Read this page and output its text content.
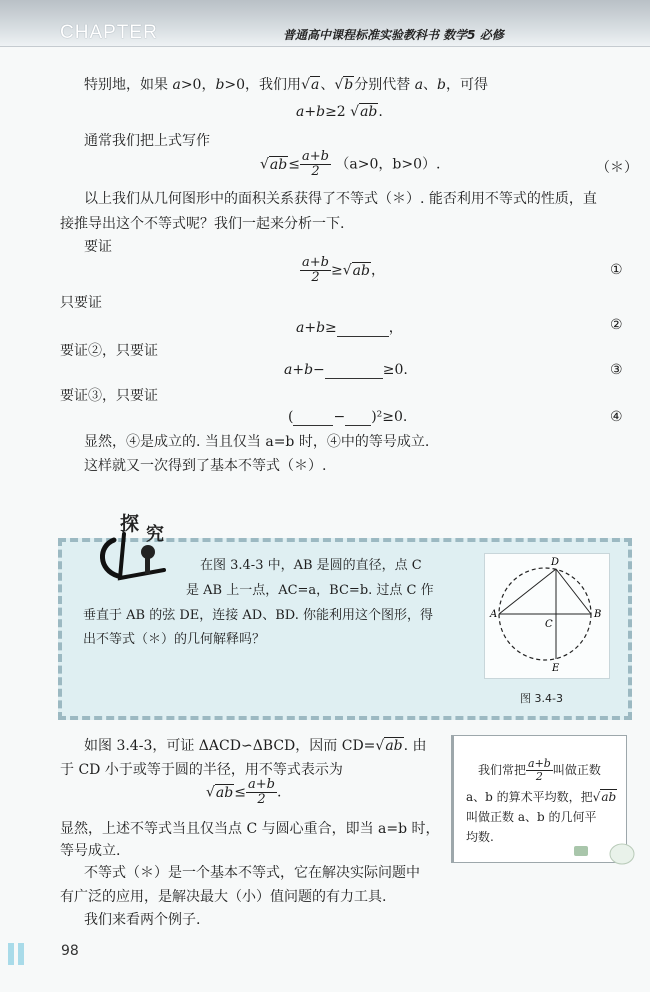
CHAPTER	普通高中课程标准实验教科书 数学5 必修
特别地，如果 a>0，b>0，我们用√a、√b分别代替 a、b，可得
a+b≥2 √ab.
通常我们把上式写作
$√ab\le \frac{a+b}{2} (a>0$，b>0）.	（＊）
以上我们从几何图形中的面积关系获得了不等式（＊）. 能否利用不等式的性质，直
接推导出这个不等式呢？我们一起来分析一下.
要证
$\frac{a+b}{2} \ge√ab$，	①
只要证
a+b≥	，	②
要证②，只要证
a+b−	≥0.	③
要证③，只要证
(	− )²≥0.	④
显然，④是成立的. 当且仅当 a=b 时，④中的等号成立.
这样就又一次得到了基本不等式（＊）.
探 究
在图 3.4-3 中，AB 是圆的直径，点 C
是 AB 上一点，AC=a，BC=b. 过点 C 作
垂直于 AB 的弦 DE，连接 AD、BD. 你能利用这个图形，得
出不等式（＊）的几何解释吗？
A	B
C
D
E
图 3.4-3
如图 3.4-3，可证 ΔACD∽ΔBCD，因而 CD=√ab. 由
于 CD 小于或等于圆的半径，用不等式表示为
$√ab\le \frac{a+b}{2}$ .
显然，上述不等式当且仅当点 C 与圆心重合，即当 a=b 时，
等号成立.
不等式（＊）是一个基本不等式，它在解决实际问题中
有广泛的应用，是解决最大（小）值问题的有力工具.
我们来看两个例子.
我们常把 $\frac{a+b}{2}$ 叫做正数
a、b 的算术平均数，把√ab
叫做正数 a、b 的几何平
均数.
98
